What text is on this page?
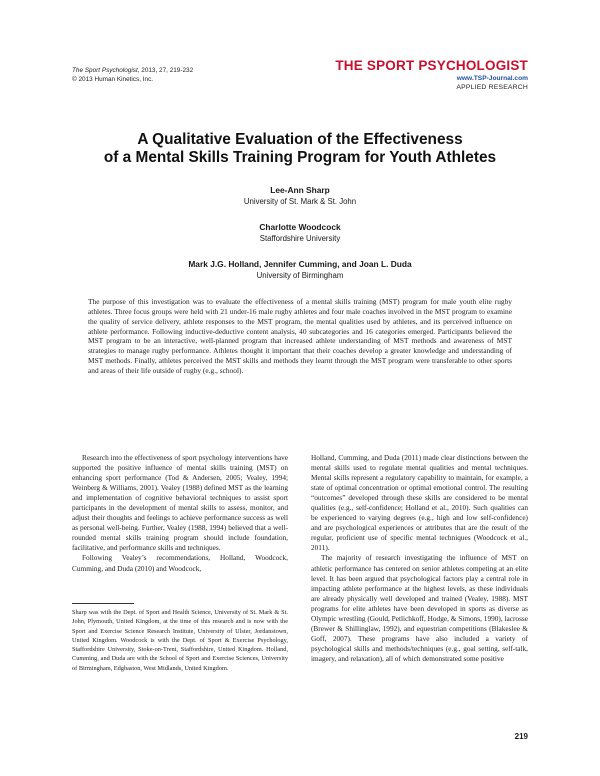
The Sport Psychologist, 2013, 27, 219-232
© 2013 Human Kinetics, Inc.
THE SPORT PSYCHOLOGIST
www.TSP-Journal.com
APPLIED RESEARCH
A Qualitative Evaluation of the Effectiveness
of a Mental Skills Training Program for Youth Athletes
Lee-Ann Sharp
University of St. Mark & St. John
Charlotte Woodcock
Staffordshire University
Mark J.G. Holland, Jennifer Cumming, and Joan L. Duda
University of Birmingham
The purpose of this investigation was to evaluate the effectiveness of a mental skills training (MST) program for male youth elite rugby athletes. Three focus groups were held with 21 under-16 male rugby athletes and four male coaches involved in the MST program to examine the quality of service delivery, athlete responses to the MST program, the mental qualities used by athletes, and its perceived influence on athlete performance. Following inductive-deductive content analysis, 40 subcategories and 16 categories emerged. Participants believed the MST program to be an interactive, well-planned program that increased athlete understanding of MST methods and awareness of MST strategies to manage rugby performance. Athletes thought it important that their coaches develop a greater knowledge and understanding of MST methods. Finally, athletes perceived the MST skills and methods they learnt through the MST program were transferable to other sports and areas of their life outside of rugby (e.g., school).

Research into the effectiveness of sport psychology interventions have supported the positive influence of mental skills training (MST) on enhancing sport performance (Tod & Andersen, 2005; Vealey, 1994; Weinberg & Williams, 2001). Vealey (1988) defined MST as the learning and implementation of cognitive behavioral techniques to assist sport participants in the development of mental skills to assess, monitor, and adjust their thoughts and feelings to achieve performance success as well as personal well-being. Further, Vealey (1988, 1994) believed that a well-rounded mental skills training program should include foundation, facilitative, and performance skills and techniques.

Following Vealey’s recommendations, Holland, Woodcock, Cumming, and Duda (2010) and Woodcock,

Holland, Cumming, and Duda (2011) made clear distinctions between the mental skills used to regulate mental qualities and mental techniques. Mental skills represent a regulatory capability to maintain, for example, a state of optimal concentration or optimal emotional control. The resulting “outcomes” developed through these skills are considered to be mental qualities (e.g., self-confidence; Holland et al., 2010). Such qualities can be experienced to varying degrees (e.g., high and low self-confidence) and are psychological experiences or attributes that are the result of the regular, proficient use of specific mental techniques (Woodcock et al., 2011).

The majority of research investigating the influence of MST on athletic performance has centered on senior athletes competing at an elite level. It has been argued that psychological factors play a central role in impacting athlete performance at the highest levels, as these individuals are already physically well developed and trained (Vealey, 1988). MST programs for elite athletes have been developed in sports as diverse as Olympic wrestling (Gould, Petlichkoff, Hodge, & Simons, 1990), lacrosse (Brewer & Shillinglaw, 1992), and equestrian competitions (Blakeslee & Goff, 2007). These programs have also included a variety of psychological skills and methods/techniques (e.g., goal setting, self-talk, imagery, and relaxation), all of which demonstrated some positive

Sharp was with the Dept. of Sport and Health Science, University of St. Mark & St. John, Plymouth, United Kingdom, at the time of this research and is now with the Sport and Exercise Science Research Institute, University of Ulster, Jordanstown, United Kingdom. Woodcock is with the Dept. of Sport & Exercise Psychology, Staffordshire University, Stoke-on-Trent, Staffordshire, United Kingdom. Holland, Cumming, and Duda are with the School of Sport and Exercise Sciences, University of Birmingham, Edgbaston, West Midlands, United Kingdom.
219
